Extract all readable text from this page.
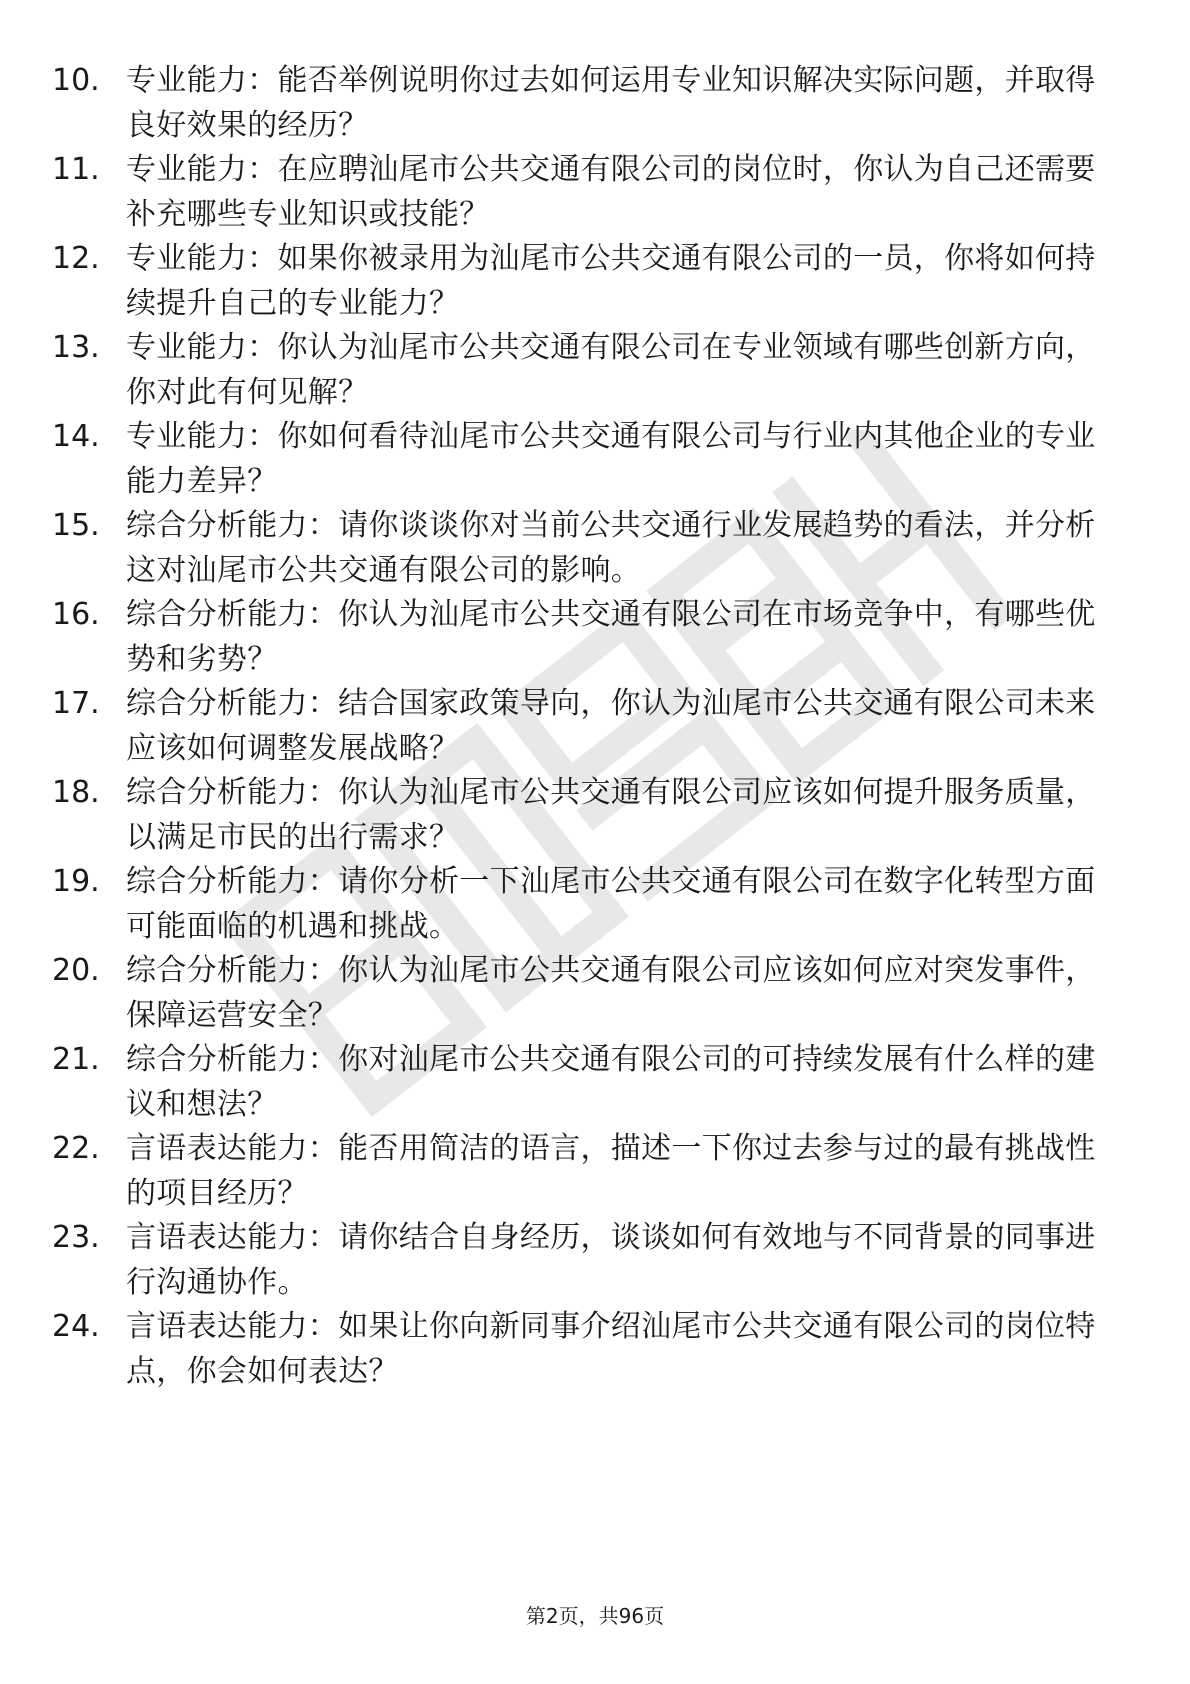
10. 专业能力：能否举例说明你过去如何运用专业知识解决实际问题，并取得良好效果的经历？
11. 专业能力：在应聘汕尾市公共交通有限公司的岗位时，你认为自己还需要补充哪些专业知识或技能？
12. 专业能力：如果你被录用为汕尾市公共交通有限公司的一员，你将如何持续提升自己的专业能力？
13. 专业能力：你认为汕尾市公共交通有限公司在专业领域有哪些创新方向，你对此有何见解？
14. 专业能力：你如何看待汕尾市公共交通有限公司与行业内其他企业的专业能力差异？
15. 综合分析能力：请你谈谈你对当前公共交通行业发展趋势的看法，并分析这对汕尾市公共交通有限公司的影响。
16. 综合分析能力：你认为汕尾市公共交通有限公司在市场竞争中，有哪些优势和劣势？
17. 综合分析能力：结合国家政策导向，你认为汕尾市公共交通有限公司未来应该如何调整发展战略？
18. 综合分析能力：你认为汕尾市公共交通有限公司应该如何提升服务质量，以满足市民的出行需求？
19. 综合分析能力：请你分析一下汕尾市公共交通有限公司在数字化转型方面可能面临的机遇和挑战。
20. 综合分析能力：你认为汕尾市公共交通有限公司应该如何应对突发事件，保障运营安全？
21. 综合分析能力：你对汕尾市公共交通有限公司的可持续发展有什么样的建议和想法？
22. 言语表达能力：能否用简洁的语言，描述一下你过去参与过的最有挑战性的项目经历？
23. 言语表达能力：请你结合自身经历，谈谈如何有效地与不同背景的同事进行沟通协作。
24. 言语表达能力：如果让你向新同事介绍汕尾市公共交通有限公司的岗位特点，你会如何表达？
第2页，共96页
